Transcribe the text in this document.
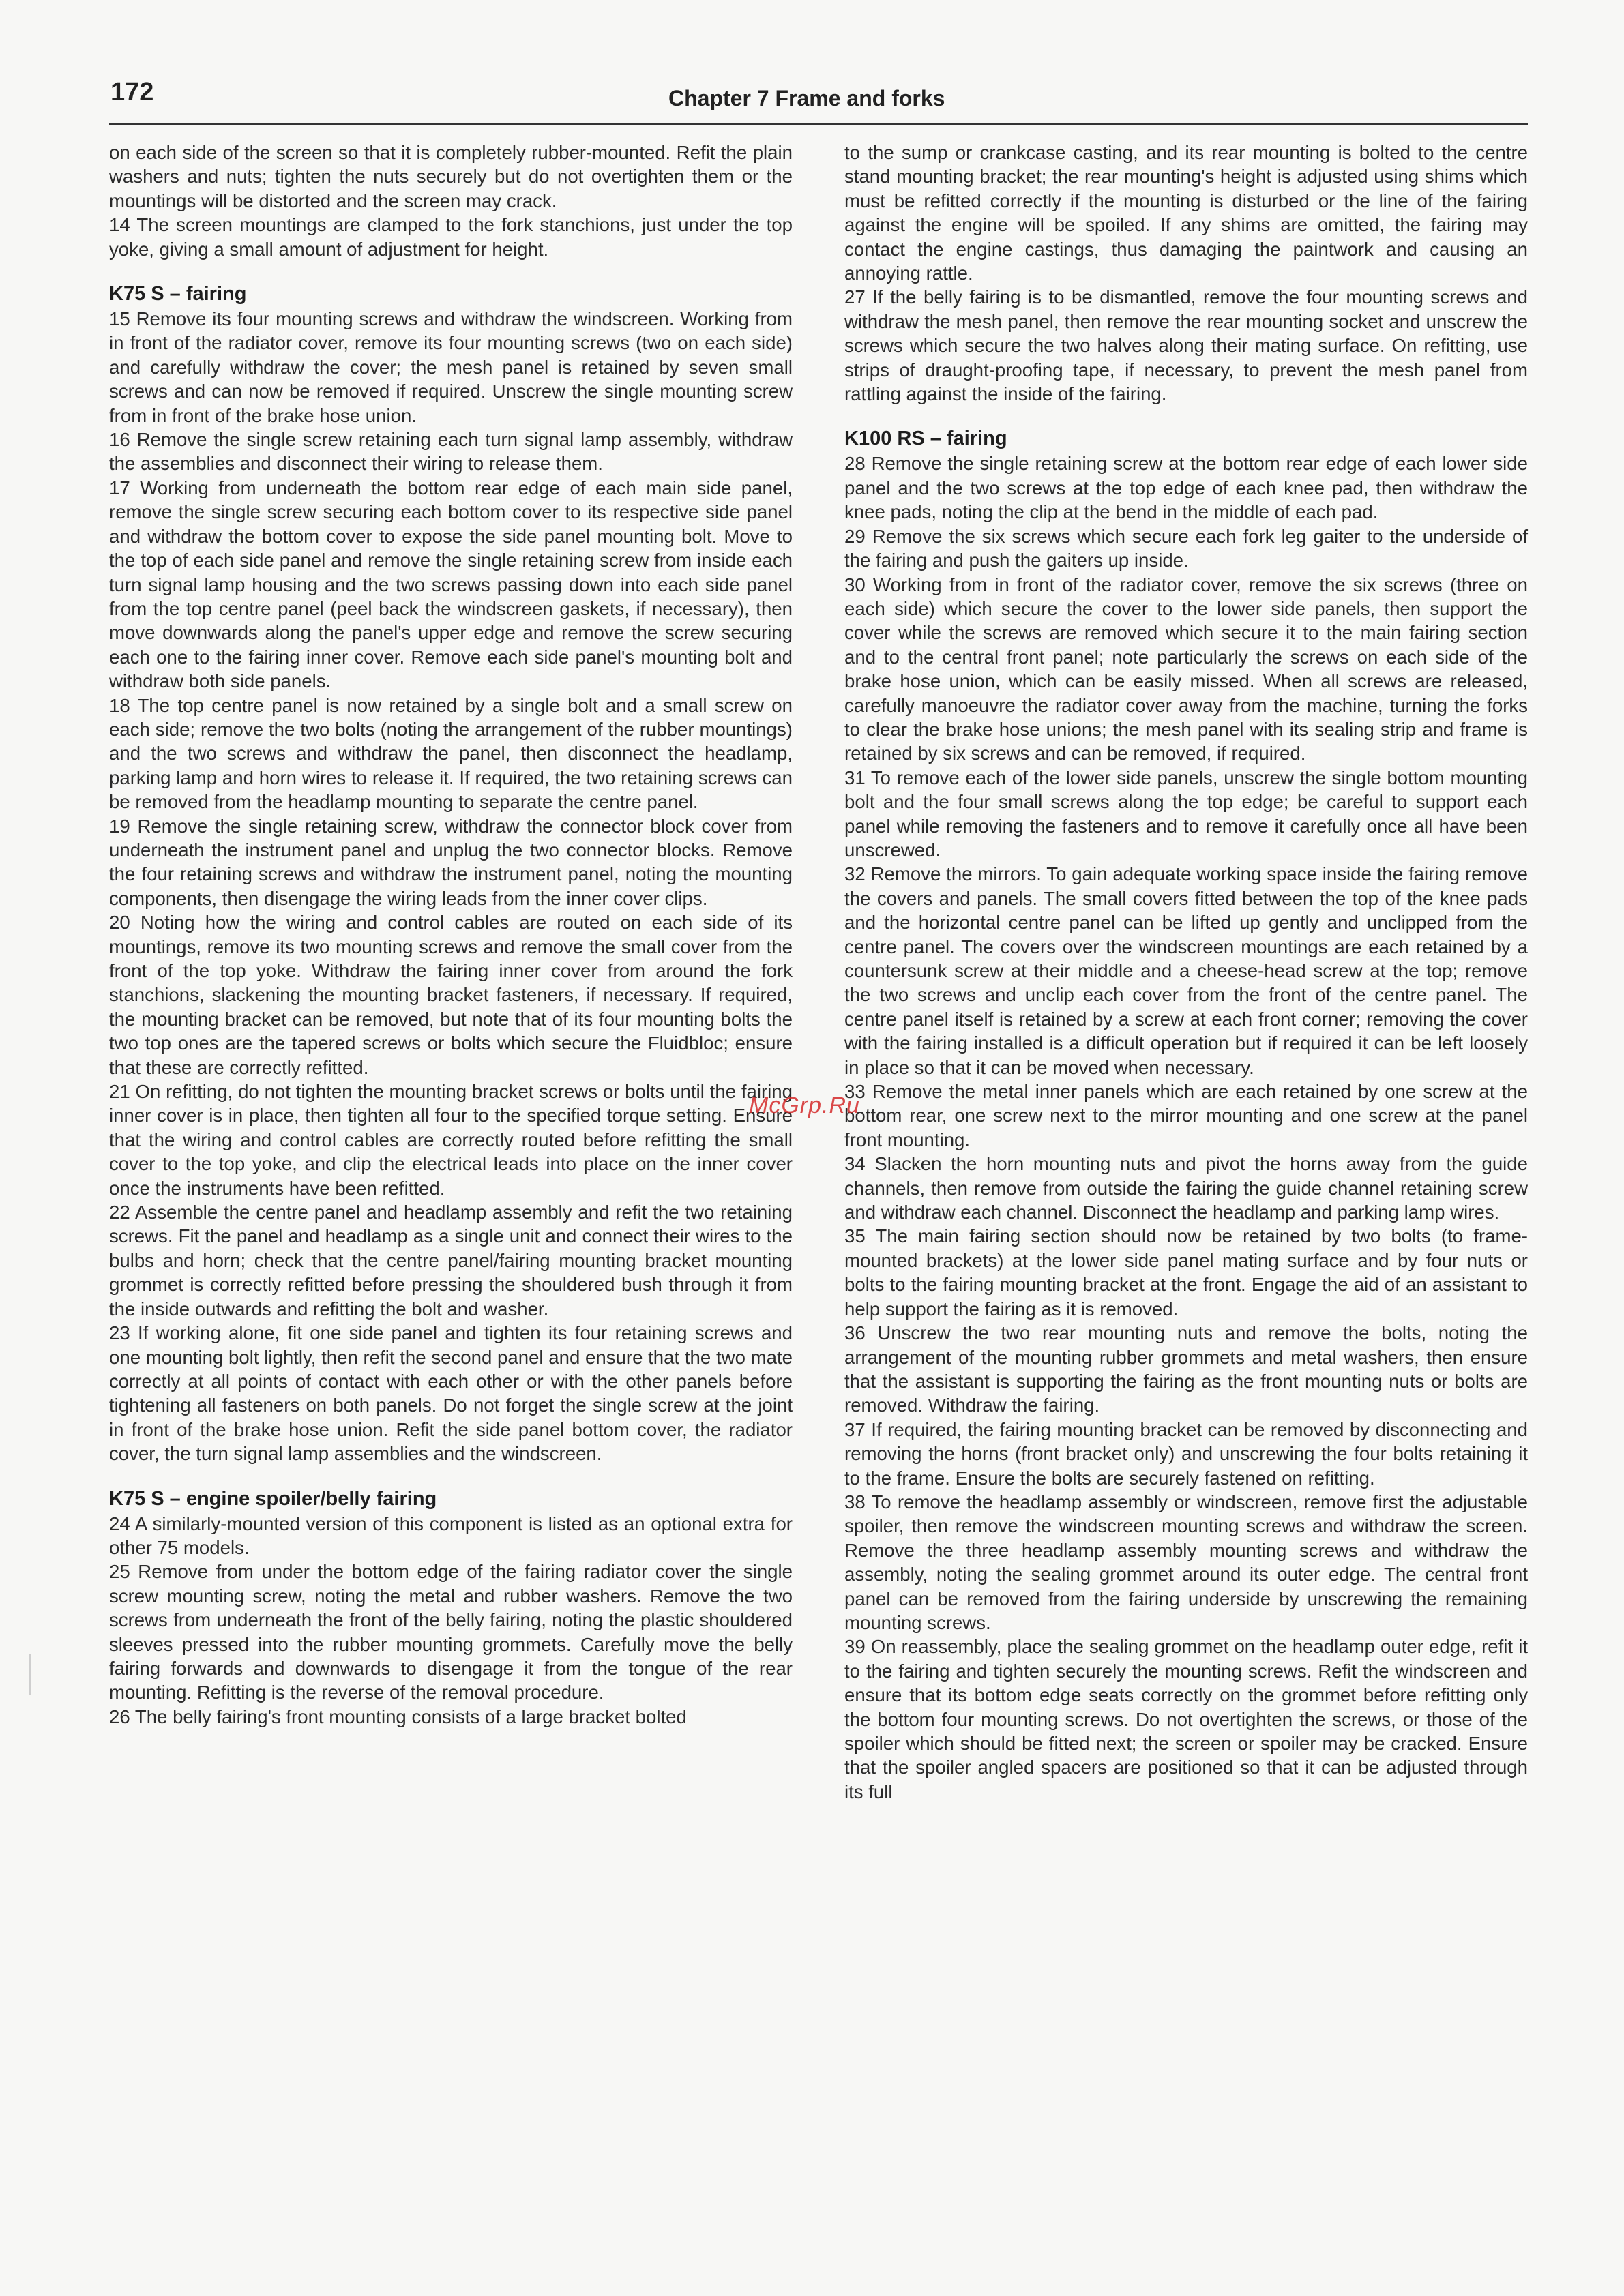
172	Chapter 7 Frame and forks

on each side of the screen so that it is completely rubber-mounted. Refit the plain washers and nuts; tighten the nuts securely but do not overtighten them or the mountings will be distorted and the screen may crack.

14 The screen mountings are clamped to the fork stanchions, just under the top yoke, giving a small amount of adjustment for height.

K75 S – fairing

15 Remove its four mounting screws and withdraw the windscreen. Working from in front of the radiator cover, remove its four mounting screws (two on each side) and carefully withdraw the cover; the mesh panel is retained by seven small screws and can now be removed if required. Unscrew the single mounting screw from in front of the brake hose union.

16 Remove the single screw retaining each turn signal lamp assembly, withdraw the assemblies and disconnect their wiring to release them.

17 Working from underneath the bottom rear edge of each main side panel, remove the single screw securing each bottom cover to its respective side panel and withdraw the bottom cover to expose the side panel mounting bolt. Move to the top of each side panel and remove the single retaining screw from inside each turn signal lamp housing and the two screws passing down into each side panel from the top centre panel (peel back the windscreen gaskets, if necessary), then move downwards along the panel's upper edge and remove the screw securing each one to the fairing inner cover. Remove each side panel's mounting bolt and withdraw both side panels.

18 The top centre panel is now retained by a single bolt and a small screw on each side; remove the two bolts (noting the arrangement of the rubber mountings) and the two screws and withdraw the panel, then disconnect the headlamp, parking lamp and horn wires to release it. If required, the two retaining screws can be removed from the headlamp mounting to separate the centre panel.

19 Remove the single retaining screw, withdraw the connector block cover from underneath the instrument panel and unplug the two connector blocks. Remove the four retaining screws and withdraw the instrument panel, noting the mounting components, then disengage the wiring leads from the inner cover clips.

20 Noting how the wiring and control cables are routed on each side of its mountings, remove its two mounting screws and remove the small cover from the front of the top yoke. Withdraw the fairing inner cover from around the fork stanchions, slackening the mounting bracket fasteners, if necessary. If required, the mounting bracket can be removed, but note that of its four mounting bolts the two top ones are the tapered screws or bolts which secure the Fluidbloc; ensure that these are correctly refitted.

21 On refitting, do not tighten the mounting bracket screws or bolts until the fairing inner cover is in place, then tighten all four to the specified torque setting. Ensure that the wiring and control cables are correctly routed before refitting the small cover to the top yoke, and clip the electrical leads into place on the inner cover once the instruments have been refitted.

22 Assemble the centre panel and headlamp assembly and refit the two retaining screws. Fit the panel and headlamp as a single unit and connect their wires to the bulbs and horn; check that the centre panel/fairing mounting bracket mounting grommet is correctly refitted before pressing the shouldered bush through it from the inside outwards and refitting the bolt and washer.

23 If working alone, fit one side panel and tighten its four retaining screws and one mounting bolt lightly, then refit the second panel and ensure that the two mate correctly at all points of contact with each other or with the other panels before tightening all fasteners on both panels. Do not forget the single screw at the joint in front of the brake hose union. Refit the side panel bottom cover, the radiator cover, the turn signal lamp assemblies and the windscreen.

K75 S – engine spoiler/belly fairing

24 A similarly-mounted version of this component is listed as an optional extra for other 75 models.

25 Remove from under the bottom edge of the fairing radiator cover the single screw mounting screw, noting the metal and rubber washers. Remove the two screws from underneath the front of the belly fairing, noting the plastic shouldered sleeves pressed into the rubber mounting grommets. Carefully move the belly fairing forwards and downwards to disengage it from the tongue of the rear mounting. Refitting is the reverse of the removal procedure.

26 The belly fairing's front mounting consists of a large bracket bolted

to the sump or crankcase casting, and its rear mounting is bolted to the centre stand mounting bracket; the rear mounting's height is adjusted using shims which must be refitted correctly if the mounting is disturbed or the line of the fairing against the engine will be spoiled. If any shims are omitted, the fairing may contact the engine castings, thus damaging the paintwork and causing an annoying rattle.

27 If the belly fairing is to be dismantled, remove the four mounting screws and withdraw the mesh panel, then remove the rear mounting socket and unscrew the screws which secure the two halves along their mating surface. On refitting, use strips of draught-proofing tape, if necessary, to prevent the mesh panel from rattling against the inside of the fairing.

K100 RS – fairing

28 Remove the single retaining screw at the bottom rear edge of each lower side panel and the two screws at the top edge of each knee pad, then withdraw the knee pads, noting the clip at the bend in the middle of each pad.

29 Remove the six screws which secure each fork leg gaiter to the underside of the fairing and push the gaiters up inside.

30 Working from in front of the radiator cover, remove the six screws (three on each side) which secure the cover to the lower side panels, then support the cover while the screws are removed which secure it to the main fairing section and to the central front panel; note particularly the screws on each side of the brake hose union, which can be easily missed. When all screws are released, carefully manoeuvre the radiator cover away from the machine, turning the forks to clear the brake hose unions; the mesh panel with its sealing strip and frame is retained by six screws and can be removed, if required.

31 To remove each of the lower side panels, unscrew the single bottom mounting bolt and the four small screws along the top edge; be careful to support each panel while removing the fasteners and to remove it carefully once all have been unscrewed.

32 Remove the mirrors. To gain adequate working space inside the fairing remove the covers and panels. The small covers fitted between the top of the knee pads and the horizontal centre panel can be lifted up gently and unclipped from the centre panel. The covers over the windscreen mountings are each retained by a countersunk screw at their middle and a cheese-head screw at the top; remove the two screws and unclip each cover from the front of the centre panel. The centre panel itself is retained by a screw at each front corner; removing the cover with the fairing installed is a difficult operation but if required it can be left loosely in place so that it can be moved when necessary.

33 Remove the metal inner panels which are each retained by one screw at the bottom rear, one screw next to the mirror mounting and one screw at the panel front mounting.

34 Slacken the horn mounting nuts and pivot the horns away from the guide channels, then remove from outside the fairing the guide channel retaining screw and withdraw each channel. Disconnect the headlamp and parking lamp wires.

35 The main fairing section should now be retained by two bolts (to frame-mounted brackets) at the lower side panel mating surface and by four nuts or bolts to the fairing mounting bracket at the front. Engage the aid of an assistant to help support the fairing as it is removed.

36 Unscrew the two rear mounting nuts and remove the bolts, noting the arrangement of the mounting rubber grommets and metal washers, then ensure that the assistant is supporting the fairing as the front mounting nuts or bolts are removed. Withdraw the fairing.

37 If required, the fairing mounting bracket can be removed by disconnecting and removing the horns (front bracket only) and unscrewing the four bolts retaining it to the frame. Ensure the bolts are securely fastened on refitting.

38 To remove the headlamp assembly or windscreen, remove first the adjustable spoiler, then remove the windscreen mounting screws and withdraw the screen. Remove the three headlamp assembly mounting screws and withdraw the assembly, noting the sealing grommet around its outer edge. The central front panel can be removed from the fairing underside by unscrewing the remaining mounting screws.

39 On reassembly, place the sealing grommet on the headlamp outer edge, refit it to the fairing and tighten securely the mounting screws. Refit the windscreen and ensure that its bottom edge seats correctly on the grommet before refitting only the bottom four mounting screws. Do not overtighten the screws, or those of the spoiler which should be fitted next; the screen or spoiler may be cracked. Ensure that the spoiler angled spacers are positioned so that it can be adjusted through its full

McGrp.Ru
